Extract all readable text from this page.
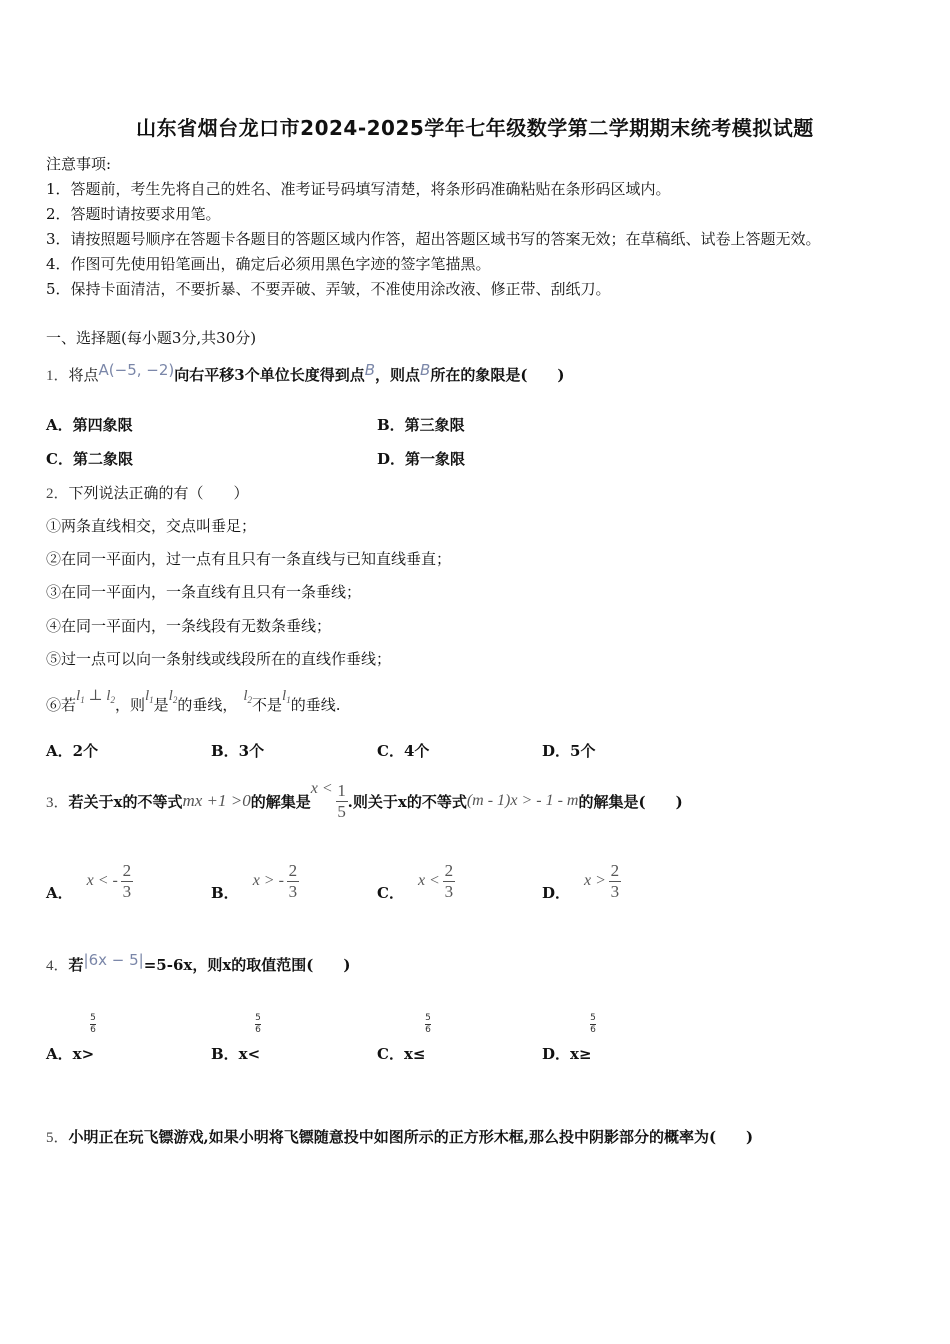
山东省烟台龙口市2024-2025学年七年级数学第二学期期末统考模拟试题
注意事项:
1．答题前，考生先将自己的姓名、准考证号码填写清楚，将条形码准确粘贴在条形码区域内。
2．答题时请按要求用笔。
3．请按照题号顺序在答题卡各题目的答题区域内作答，超出答题区域书写的答案无效；在草稿纸、试卷上答题无效。
4．作图可先使用铅笔画出，确定后必须用黑色字迹的签字笔描黑。
5．保持卡面清洁，不要折暴、不要弄破、弄皱，不准使用涂改液、修正带、刮纸刀。
一、选择题(每小题3分,共30分)
1．将点A(−5, −2)向右平移3个单位长度得到点B，则点B所在的象限是(　　)
A．第四象限	B．第三象限
C．第二象限	D．第一象限
2．下列说法正确的有（　　）
①两条直线相交，交点叫垂足；
②在同一平面内，过一点有且只有一条直线与已知直线垂直；
③在同一平面内，一条直线有且只有一条垂线；
④在同一平面内，一条线段有无数条垂线；
⑤过一点可以向一条射线或线段所在的直线作垂线；
⑥若$l_1$ ⊥ $l_2$，则$l_1$是$l_2$的垂线， $l_2$不是$l_1$的垂线.
A．2个	B．3个	C．4个	D．5个
3． 若关于x的不等式 mx +1 >0 的解集是
$x < \frac{1}{5}$ .则关于x的不等式 (m - 1)x > - 1 - m 的解集是(　　)
A．
x < - $\frac{2}{3}$	B．
x > - $\frac{2}{3}$	C．
$x < \frac{2}{3}$	D．
$x > \frac{2}{3}$
4．若|6x − 5|=5-6x，则x的取值范围(　　)
A．x>
5
6
B．x<
5
6
C．x≤
5
6
D．x≥
5
6
5．小明正在玩飞镖游戏,如果小明将飞镖随意投中如图所示的正方形木框,那么投中阴影部分的概率为(　　)
